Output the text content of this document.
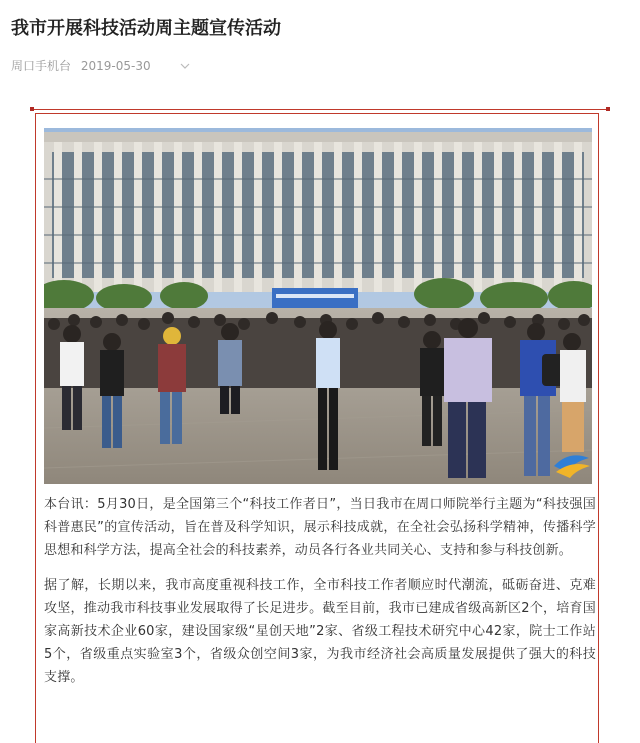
我市开展科技活动周主题宣传活动
周口手机台 2019-05-30

本台讯：5月30日，是全国第三个“科技工作者日”，当日我市在周口师院举行主题为“科技强国　科普惠民”的宣传活动，旨在普及科学知识，展示科技成就，在全社会弘扬科学精神，传播科学思想和科学方法，提高全社会的科技素养，动员各行各业共同关心、支持和参与科技创新。

据了解，长期以来，我市高度重视科技工作，全市科技工作者顺应时代潮流，砥砺奋进、克难攻坚，推动我市科技事业发展取得了长足进步。截至目前，我市已建成省级高新区2个，培育国家高新技术企业60家，建设国家级“星创天地”2家、省级工程技术研究中心42家，院士工作站5个，省级重点实验室3个，省级众创空间3家，为我市经济社会高质量发展提供了强大的科技支撑。
